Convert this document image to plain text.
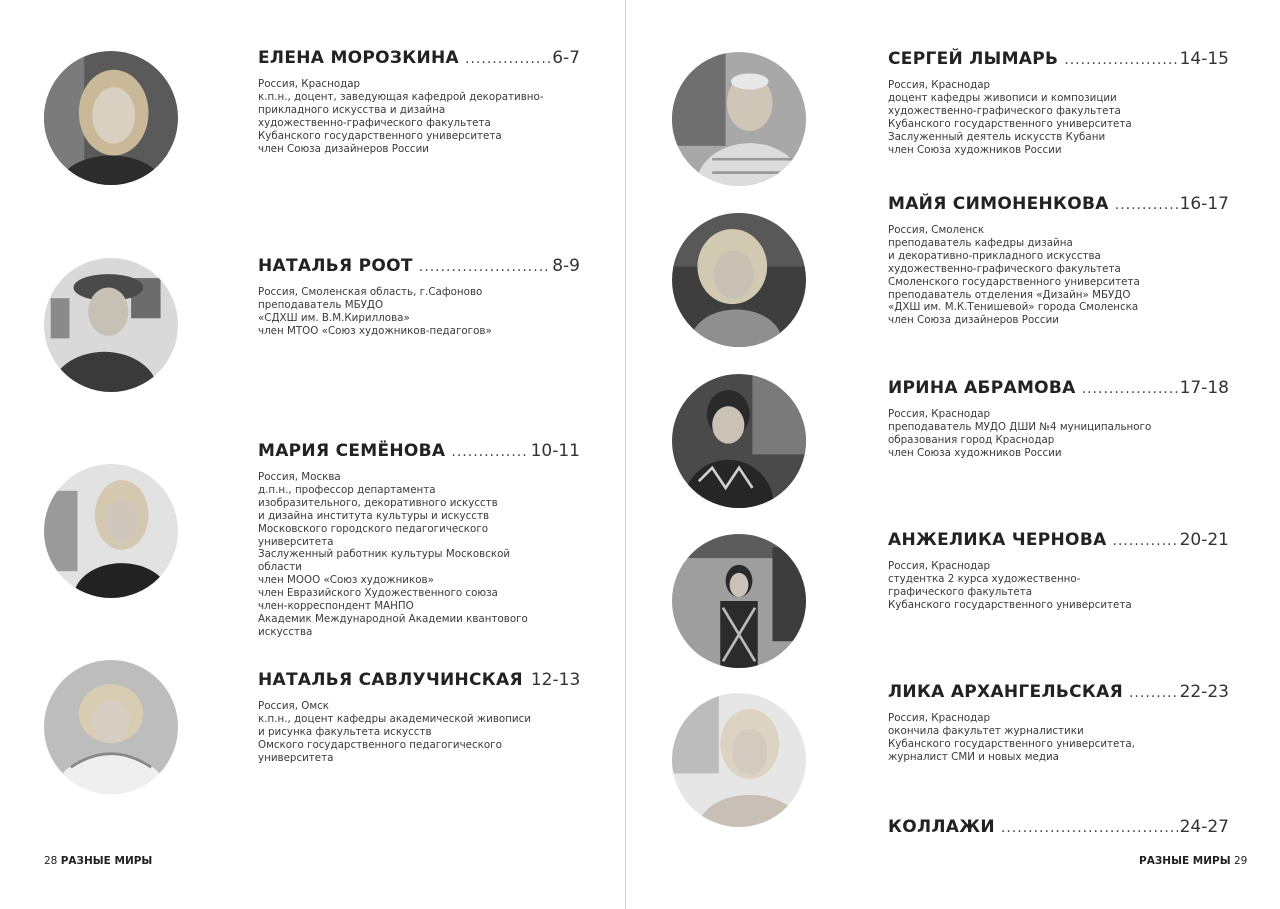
ЕЛЕНА МОРОЗКИНА .....	6-7
Россия, Краснодар
к.п.н., доцент, заведующая кафедрой декоративно-
прикладного искусства и дизайна
художественно-графического факультета
Кубанского государственного университета
член Союза дизайнеров России
НАТАЛЬЯ РООТ .....	8-9
Россия, Смоленская область, г.Сафоново
преподаватель МБУДО
«СДХШ им. В.М.Кириллова»
член МТОО «Союз художников-педагогов»
МАРИЯ СЕМЁНОВА .....	10-11
Россия, Москва
д.п.н., профессор департамента
изобразительного, декоративного искусств
и дизайна института культуры и искусств
Московского городского педагогического
университета
Заслуженный работник культуры Московской
области
член МООО «Союз художников»
член Евразийского Художественного союза
член-корреспондент МАНПО
Академик Международной Академии квантового искусства
НАТАЛЬЯ САВЛУЧИНСКАЯ 12-13
Россия, Омск
к.п.н., доцент кафедры академической живописи
и рисунка факультета искусств
Омского государственного педагогического
университета
28 РАЗНЫЕ МИРЫ
СЕРГЕЙ ЛЫМАРЬ .....	14-15
Россия, Краснодар
доцент кафедры живописи и композиции
художественно-графического факультета
Кубанского государственного университета
Заслуженный деятель искусств Кубани
член Союза художников России
МАЙЯ СИМОНЕНКОВА .....	16-17
Россия, Смоленск
преподаватель кафедры дизайна
и декоративно-прикладного искусства
художественно-графического факультета
Смоленского государственного университета
преподаватель отделения «Дизайн» МБУДО
«ДХШ им. М.К.Тенишевой» города Смоленска
член Союза дизайнеров России
ИРИНА АБРАМОВА .....	17-18
Россия, Краснодар
преподаватель МУДО ДШИ №4 муниципального
образования город Краснодар
член Союза художников России
АНЖЕЛИКА ЧЕРНОВА .....	20-21
Россия, Краснодар
студентка 2 курса художественно-
графического факультета
Кубанского государственного университета
ЛИКА АРХАНГЕЛЬСКАЯ .....	22-23
Россия, Краснодар
окончила факультет журналистики
Кубанского государственного университета,
журналист СМИ и новых медиа
КОЛЛАЖИ .....	24-27
РАЗНЫЕ МИРЫ 29
